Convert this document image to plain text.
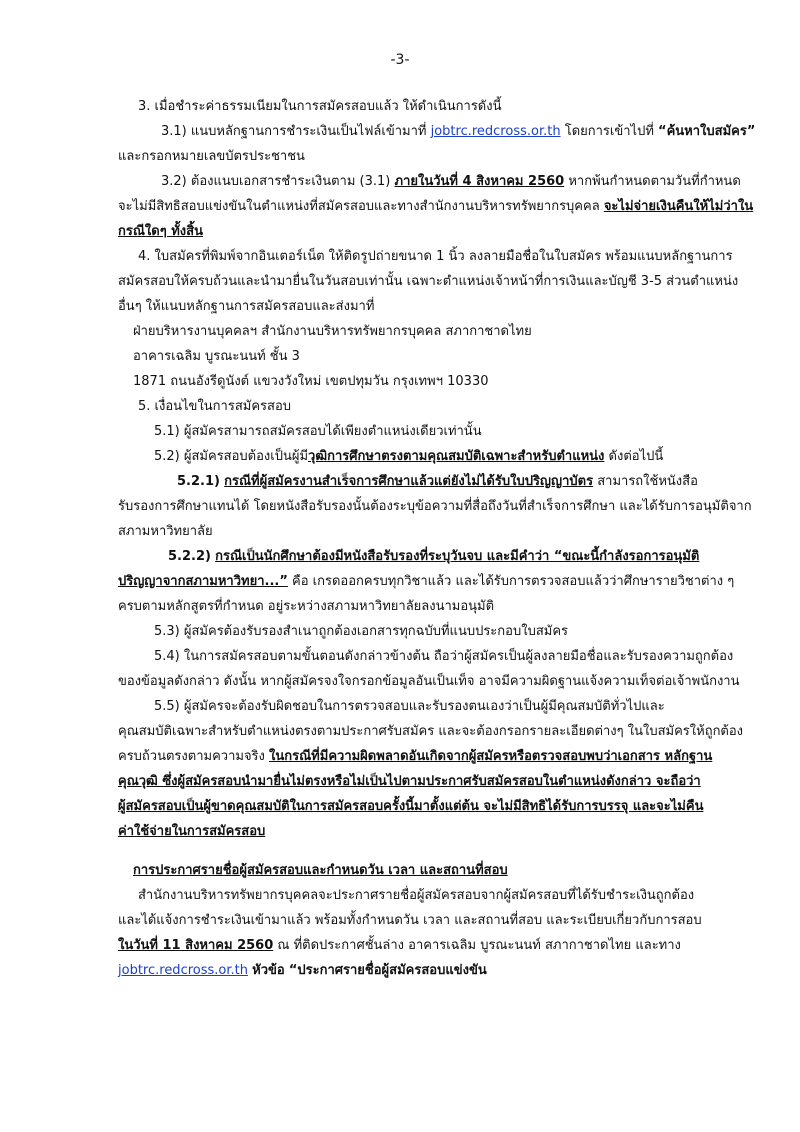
-3-
3. เมื่อชำระค่าธรรมเนียมในการสมัครสอบแล้ว ให้ดำเนินการดังนี้
3.1) แนบหลักฐานการชำระเงินเป็นไฟล์เข้ามาที่ jobtrc.redcross.or.th โดยการเข้าไปที่ “ค้นหาใบสมัคร”
และกรอกหมายเลขบัตรประชาชน
3.2) ต้องแนบเอกสารชำระเงินตาม (3.1) ภายในวันที่ 4 สิงหาคม 2560 หากพ้นกำหนดตามวันที่กำหนด
จะไม่มีสิทธิสอบแข่งขันในตำแหน่งที่สมัครสอบและทางสำนักงานบริหารทรัพยากรบุคคล จะไม่จ่ายเงินคืนให้ไม่ว่าใน
กรณีใดๆ ทั้งสิ้น
4. ใบสมัครที่พิมพ์จากอินเตอร์เน็ต ให้ติดรูปถ่ายขนาด 1 นิ้ว ลงลายมือชื่อในใบสมัคร พร้อมแนบหลักฐานการ
สมัครสอบให้ครบถ้วนและนำมายื่นในวันสอบเท่านั้น เฉพาะตำแหน่งเจ้าหน้าที่การเงินและบัญชี 3-5 ส่วนตำแหน่ง
อื่นๆ ให้แนบหลักฐานการสมัครสอบและส่งมาที่
ฝ่ายบริหารงานบุคคลฯ สำนักงานบริหารทรัพยากรบุคคล สภากาชาดไทย
อาคารเฉลิม บูรณะนนท์ ชั้น 3
1871 ถนนอังรีดูนังต์ แขวงวังใหม่ เขตปทุมวัน กรุงเทพฯ 10330
5. เงื่อนไขในการสมัครสอบ
5.1) ผู้สมัครสามารถสมัครสอบได้เพียงตำแหน่งเดียวเท่านั้น
5.2) ผู้สมัครสอบต้องเป็นผู้มีวุฒิการศึกษาตรงตามคุณสมบัติเฉพาะสำหรับตำแหน่ง ดังต่อไปนี้
5.2.1) กรณีที่ผู้สมัครงานสำเร็จการศึกษาแล้วแต่ยังไม่ได้รับใบปริญญาบัตร สามารถใช้หนังสือ
รับรองการศึกษาแทนได้ โดยหนังสือรับรองนั้นต้องระบุข้อความที่สื่อถึงวันที่สำเร็จการศึกษา และได้รับการอนุมัติจาก
สภามหาวิทยาลัย
5.2.2) กรณีเป็นนักศึกษาต้องมีหนังสือรับรองที่ระบุวันจบ และมีคำว่า “ขณะนี้กำลังรอการอนุมัติ
ปริญญาจากสภามหาวิทยา...” คือ เกรดออกครบทุกวิชาแล้ว และได้รับการตรวจสอบแล้วว่าศึกษารายวิชาต่าง ๆ
ครบตามหลักสูตรที่กำหนด อยู่ระหว่างสภามหาวิทยาลัยลงนามอนุมัติ
5.3) ผู้สมัครต้องรับรองสำเนาถูกต้องเอกสารทุกฉบับที่แนบประกอบใบสมัคร
5.4) ในการสมัครสอบตามขั้นตอนดังกล่าวข้างต้น ถือว่าผู้สมัครเป็นผู้ลงลายมือชื่อและรับรองความถูกต้อง
ของข้อมูลดังกล่าว ดังนั้น หากผู้สมัครจงใจกรอกข้อมูลอันเป็นเท็จ อาจมีความผิดฐานแจ้งความเท็จต่อเจ้าพนักงาน
5.5) ผู้สมัครจะต้องรับผิดชอบในการตรวจสอบและรับรองตนเองว่าเป็นผู้มีคุณสมบัติทั่วไปและ
คุณสมบัติเฉพาะสำหรับตำแหน่งตรงตามประกาศรับสมัคร และจะต้องกรอกรายละเอียดต่างๆ ในใบสมัครให้ถูกต้อง
ครบถ้วนตรงตามความจริง ในกรณีที่มีความผิดพลาดอันเกิดจากผู้สมัครหรือตรวจสอบพบว่าเอกสาร หลักฐาน
คุณวุฒิ ซึ่งผู้สมัครสอบนำมายื่นไม่ตรงหรือไม่เป็นไปตามประกาศรับสมัครสอบในตำแหน่งดังกล่าว จะถือว่า
ผู้สมัครสอบเป็นผู้ขาดคุณสมบัติในการสมัครสอบครั้งนี้มาตั้งแต่ต้น จะไม่มีสิทธิได้รับการบรรจุ และจะไม่คืน
ค่าใช้จ่ายในการสมัครสอบ
การประกาศรายชื่อผู้สมัครสอบและกำหนดวัน เวลา และสถานที่สอบ
สำนักงานบริหารทรัพยากรบุคคลจะประกาศรายชื่อผู้สมัครสอบจากผู้สมัครสอบที่ได้รับชำระเงินถูกต้อง
และได้แจ้งการชำระเงินเข้ามาแล้ว พร้อมทั้งกำหนดวัน เวลา และสถานที่สอบ และระเบียบเกี่ยวกับการสอบ
ในวันที่ 11 สิงหาคม 2560 ณ ที่ติดประกาศชั้นล่าง อาคารเฉลิม บูรณะนนท์ สภากาชาดไทย และทาง
jobtrc.redcross.or.th หัวข้อ “ประกาศรายชื่อผู้สมัครสอบแข่งขัน
